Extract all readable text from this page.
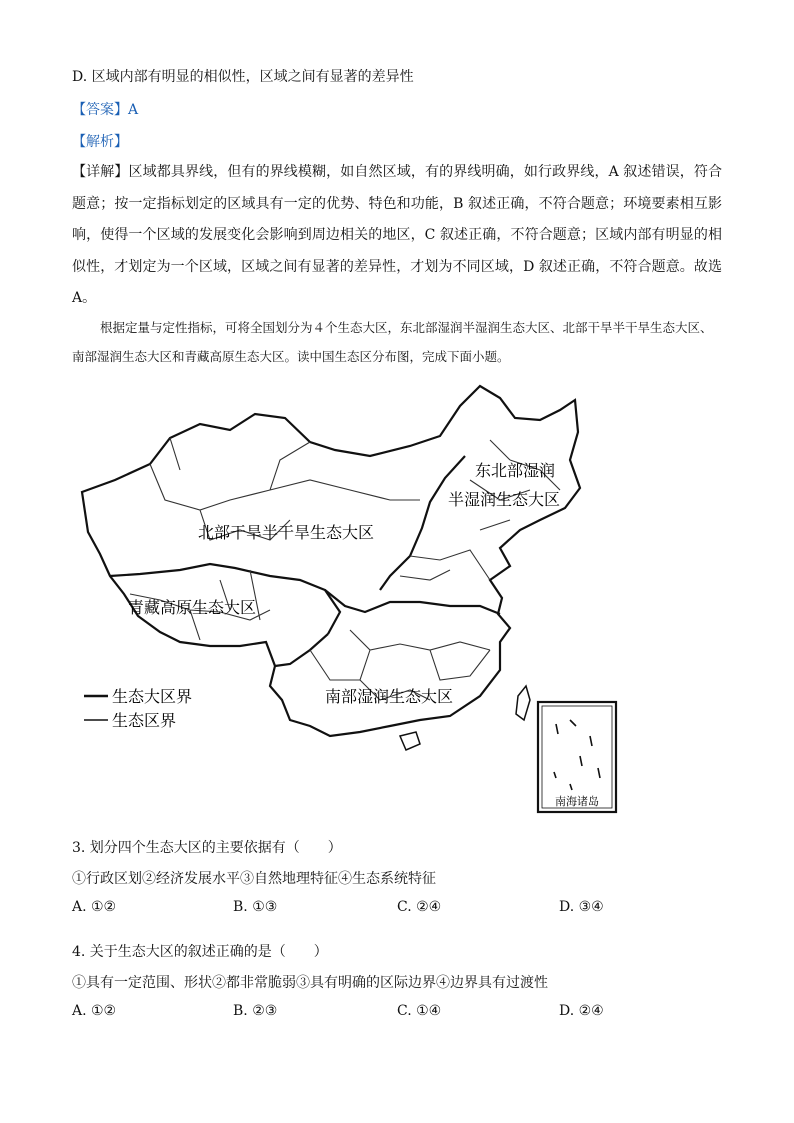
D. 区域内部有明显的相似性，区域之间有显著的差异性
【答案】A
【解析】
【详解】区域都具界线，但有的界线模糊，如自然区域，有的界线明确，如行政界线，A 叙述错误，符合题意；按一定指标划定的区域具有一定的优势、特色和功能，B 叙述正确，不符合题意；环境要素相互影响，使得一个区域的发展变化会影响到周边相关的地区，C 叙述正确，不符合题意；区域内部有明显的相似性，才划定为一个区域，区域之间有显著的差异性，才划为不同区域，D 叙述正确，不符合题意。故选A。
根据定量与定性指标，可将全国划分为４个生态大区，东北部湿润半湿润生态大区、北部干旱半干旱生态大区、南部湿润生态大区和青藏高原生态大区。读中国生态区分布图，完成下面小题。
南海诸岛
东北部湿润
半湿润生态大区
北部干旱半干旱生态大区
青藏高原生态大区
南部湿润生态大区
生态大区界
生态区界
3. 划分四个生态大区的主要依据有（　　）
①行政区划②经济发展水平③自然地理特征④生态系统特征
A. ①②	B. ①③	C. ②④	D. ③④
4. 关于生态大区的叙述正确的是（　　）
①具有一定范围、形状②都非常脆弱③具有明确的区际边界④边界具有过渡性
A. ①②	B. ②③	C. ①④	D. ②④
